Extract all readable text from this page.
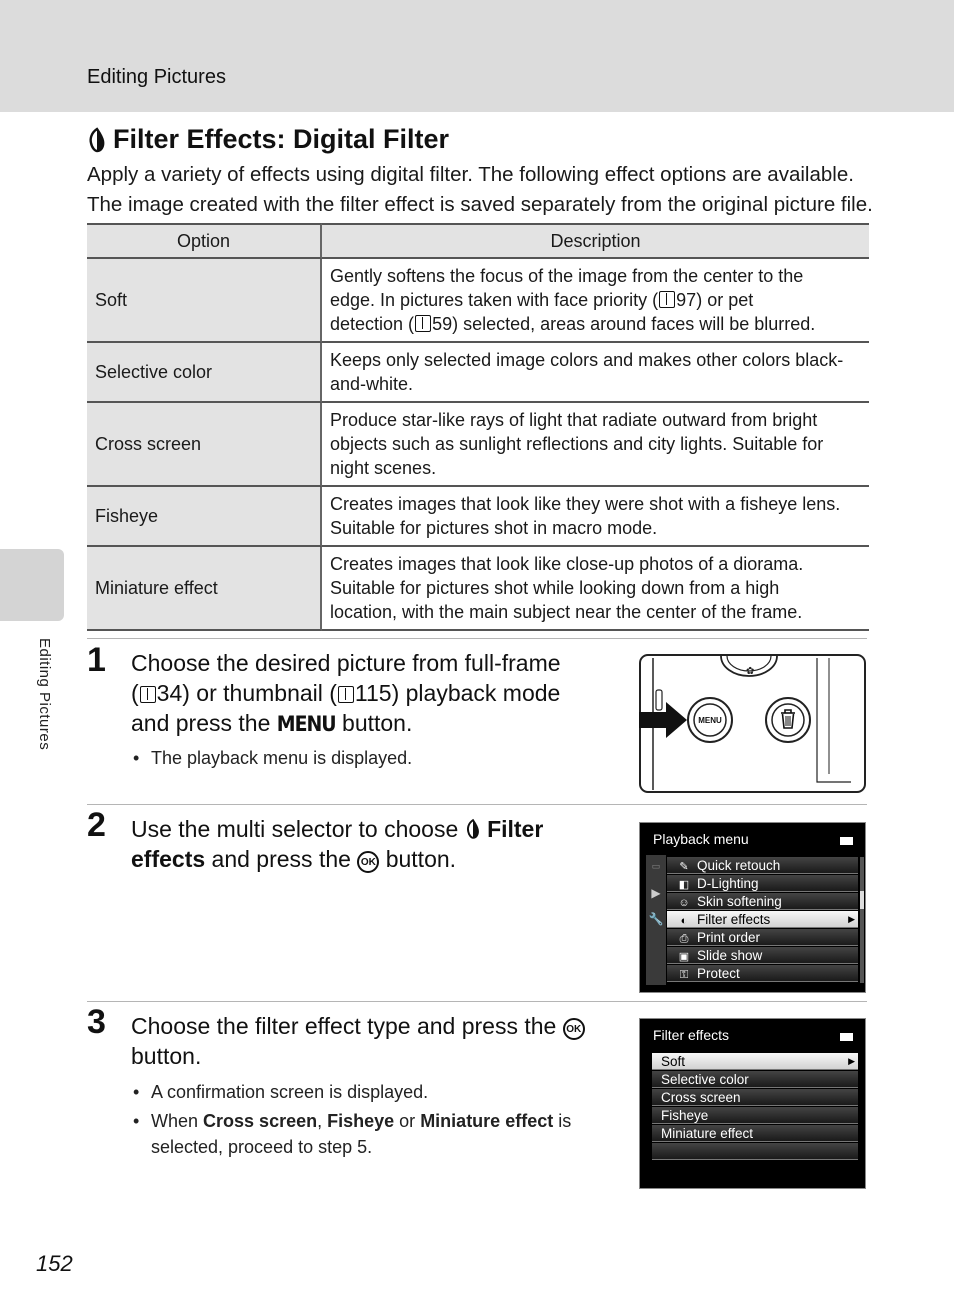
Editing Pictures
Editing Pictures
Filter Effects: Digital Filter

Apply a variety of effects using digital filter. The following effect options are available.

The image created with the filter effect is saved separately from the original picture file.

Option	Description
Soft	Gently softens the focus of the image from the center to the
edge. In pictures taken with face priority ( 97) or pet
detection ( 59) selected, areas around faces will be blurred.
Selective color	Keeps only selected image colors and makes other colors black-
and-white.
Cross screen	Produce star-like rays of light that radiate outward from bright
objects such as sunlight reflections and city lights. Suitable for
night scenes.
Fisheye	Creates images that look like they were shot with a fisheye lens.
Suitable for pictures shot in macro mode.
Miniature effect	Creates images that look like close-up photos of a diorama.
Suitable for pictures shot while looking down from a high
location, with the main subject near the center of the frame.
1 Choose the desired picture from full-frame
( 34) or thumbnail ( 115) playback mode
and press the MENU button.
• The playback menu is displayed.
✿
MENU
2 Use the multi selector to choose  Filter
effects and press the OK button.
Playback menu
▭
▶
🔧
✎ Quick retouch
◧ D-Lighting
☺ Skin softening
◐ Filter effects	▶
⎙ Print order
▣ Slide show
⚿ Protect
3 Choose the filter effect type and press the OK
button.
• A confirmation screen is displayed.
• When Cross screen, Fisheye or Miniature effect is
selected, proceed to step 5.
Filter effects
Soft	▶
Selective color
Cross screen
Fisheye
Miniature effect
152
